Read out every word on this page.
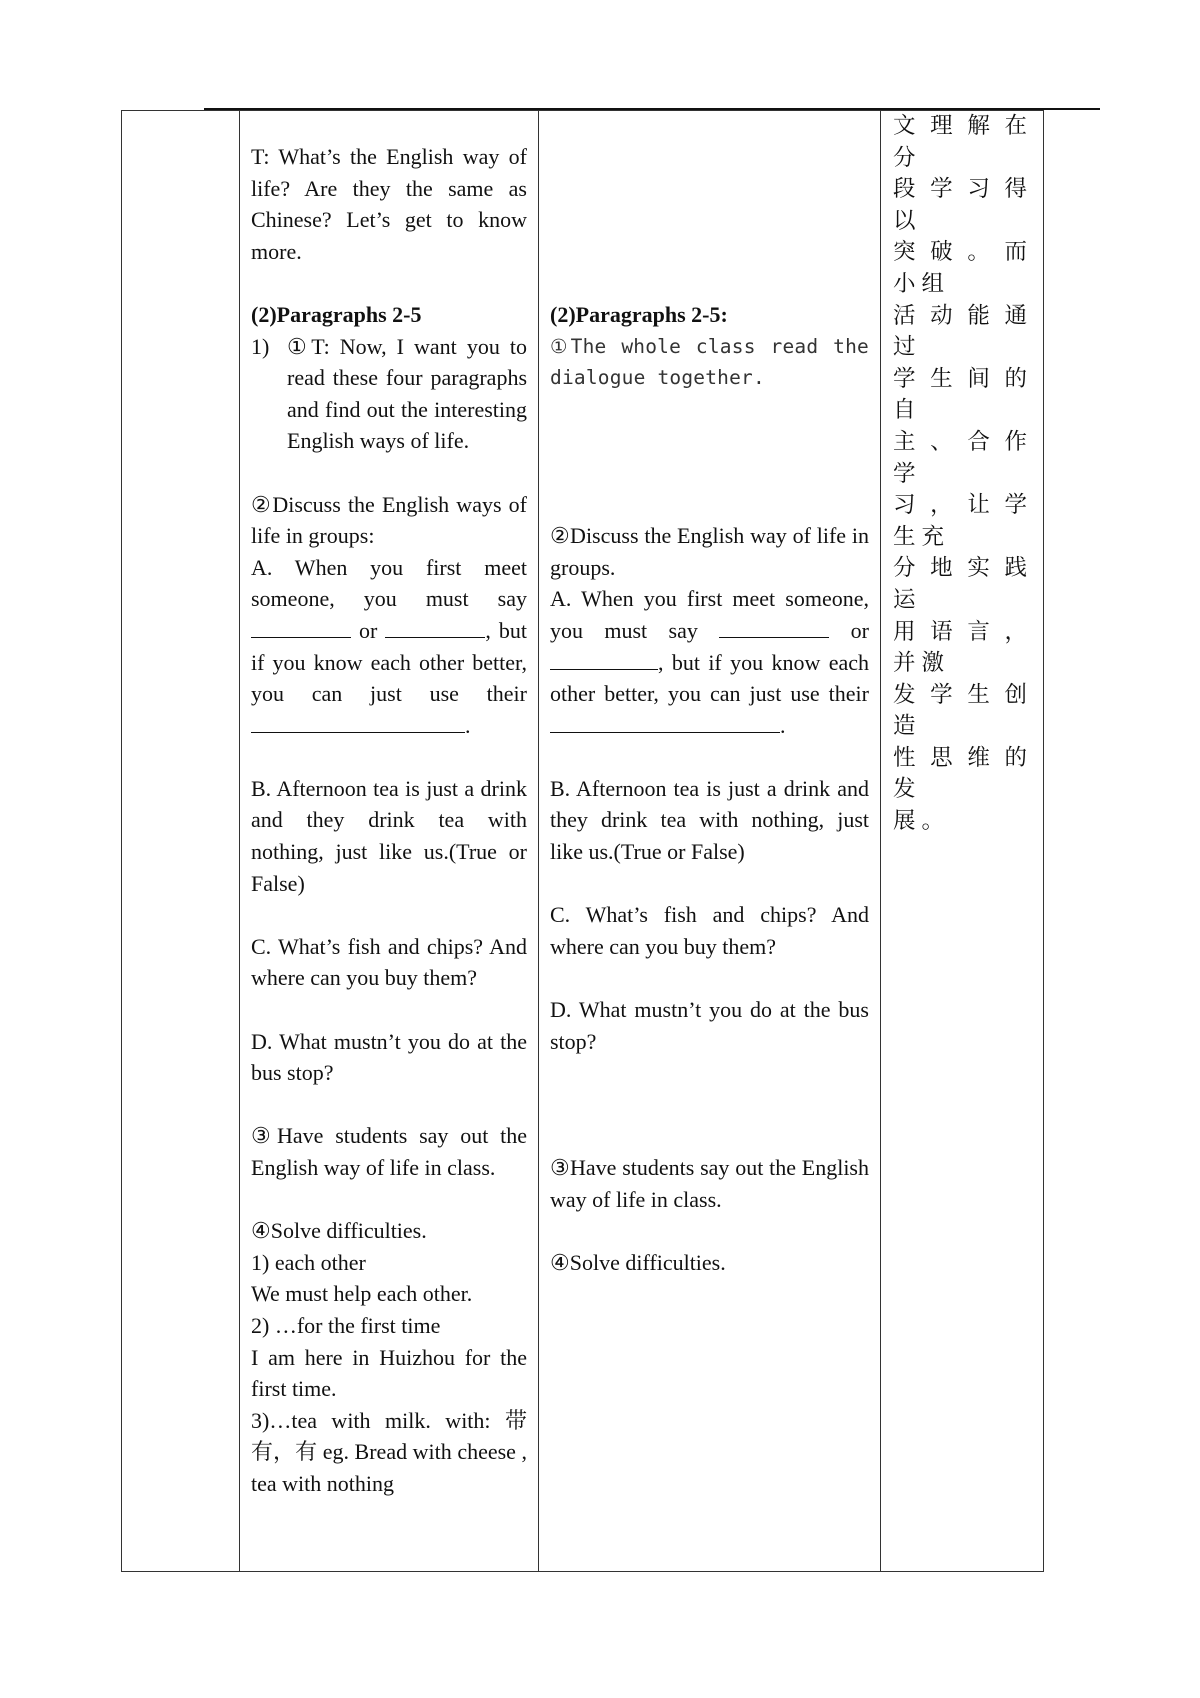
T: What’s the English way of life? Are they the same as Chinese? Let’s get to know more.

(2)Paragraphs 2-5

1) ①T: Now, I want you to read these four paragraphs and find out the interesting English ways of life.

②Discuss the English ways of life in groups:

A. When you first meet someone, you must say  or	, but if you know each other better, you can just use their .

B. Afternoon tea is just a drink and they drink tea with nothing, just like us.(True or False)

C. What’s fish and chips? And where can you buy them?

D. What mustn’t you do at the bus stop?

③Have students say out the English way of life in class.

④Solve difficulties.

1) each other

We must help each other.

2) …for the first time

I am here in Huizhou for the first time.

3)…tea with milk. with: 带有，有 eg. Bread with cheese , tea with nothing

(2)Paragraphs 2-5:

①The whole class read the dialogue together.

②Discuss the English way of life in groups.

A. When you first meet someone, you must say	or , but if you know each other better, you can just use their .

B. Afternoon tea is just a drink and they drink tea with nothing, just like us.(True or False)

C. What’s fish and chips? And where can you buy them?

D. What mustn’t you do at the bus stop?

③Have students say out the English way of life in class.

④Solve difficulties.

文理解在分

段学习得以

突破。而小组

活动能通过

学生间的自

主、合作学

习，让学生充

分地实践运

用语言，并激

发学生创造

性思维的发

展。
